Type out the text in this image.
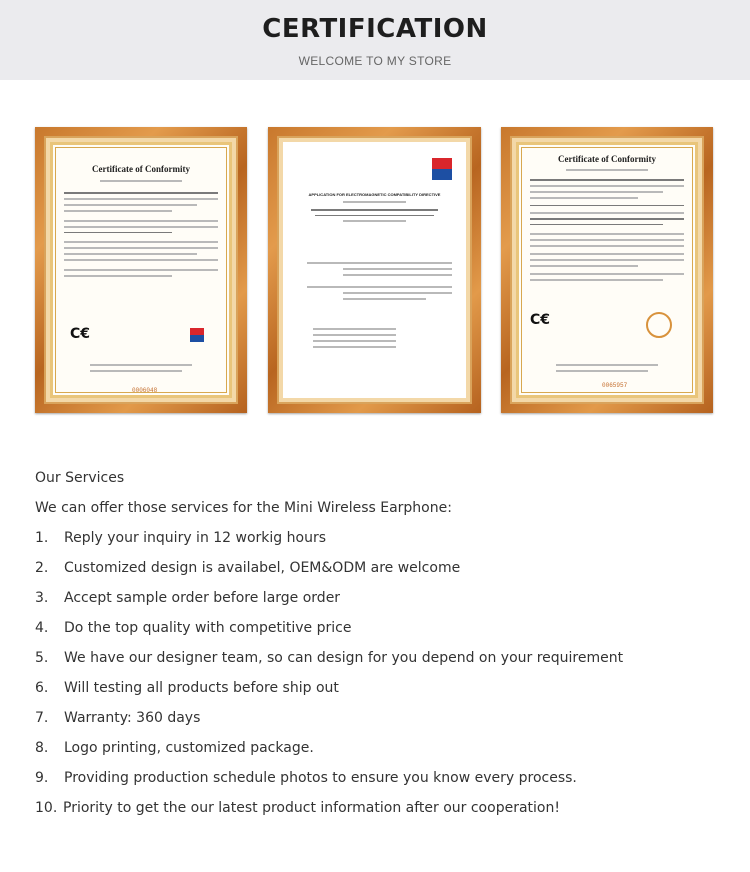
CERTIFICATION
WELCOME TO MY STORE
Certificate of Conformity
C€
0006048
APPLICATION FOR ELECTROMAGNETIC COMPATIBILITY DIRECTIVE
Certificate of Conformity
C€
0065957

Our Services

We can offer those services for the Mini Wireless Earphone:

1.	Reply your inquiry in 12 workig hours
2.	Customized design is availabel, OEM&ODM are welcome
3.	Accept sample order before large order
4.	Do the top quality with competitive price
5.	We have our designer team, so can design for you depend on your requirement
6.	Will testing all products before ship out
7.	Warranty: 360 days
8.	Logo printing, customized package.
9.	Providing production schedule photos to ensure you know every process.
10. Priority to get the our latest product information after our cooperation!
